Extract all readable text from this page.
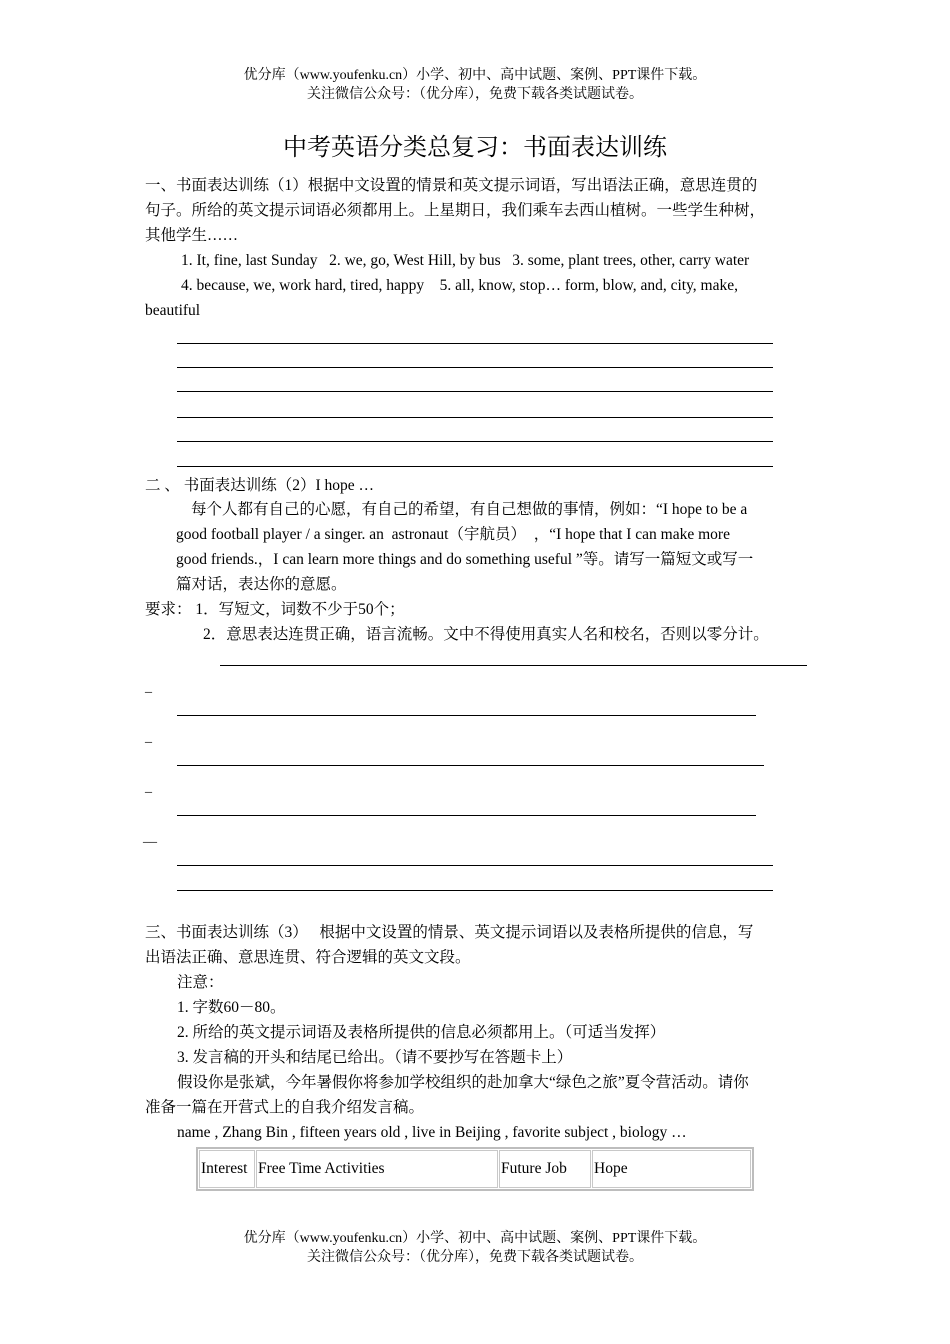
优分库（www.youfenku.cn）小学、初中、高中试题、案例、PPT课件下载。
关注微信公众号：（优分库），免费下载各类试题试卷。
中考英语分类总复习：书面表达训练
一、书面表达训练（1）根据中文设置的情景和英文提示词语，写出语法正确，意思连贯的
句子。所给的英文提示词语必须都用上。上星期日，我们乘车去西山植树。一些学生种树，
其他学生……
1. It, fine, last Sunday   2. we, go, West Hill, by bus   3. some, plant trees, other, carry water
4. because, we, work hard, tired, happy    5. all, know, stop… form, blow, and, city, make,
beautiful
二 、 书面表达训练（2）I hope …
每个人都有自己的心愿，有自己的希望，有自己想做的事情，例如：“I hope to be a
good football player / a singer. an  astronaut（宇航员）  ，“I hope that I can make more
good friends.，I can learn more things and do something useful ”等。请写一篇短文或写一
篇对话，表达你的意愿。
要求： 1．写短文，词数不少于50个；
2．意思表达连贯正确，语言流畅。文中不得使用真实人名和校名，否则以零分计。
_
_
_
__
三、书面表达训练（3）   根据中文设置的情景、英文提示词语以及表格所提供的信息，写
出语法正确、意思连贯、符合逻辑的英文文段。
注意：
1. 字数60－80。
2. 所给的英文提示词语及表格所提供的信息必须都用上。（可适当发挥）
3. 发言稿的开头和结尾已给出。（请不要抄写在答题卡上）
假设你是张斌，今年暑假你将参加学校组织的赴加拿大“绿色之旅”夏令营活动。请你
准备一篇在开营式上的自我介绍发言稿。
name , Zhang Bin , fifteen years old , live in Beijing , favorite subject , biology …
Interest	Free Time Activities	Future Job	Hope
优分库（www.youfenku.cn）小学、初中、高中试题、案例、PPT课件下载。
关注微信公众号：（优分库），免费下载各类试题试卷。
